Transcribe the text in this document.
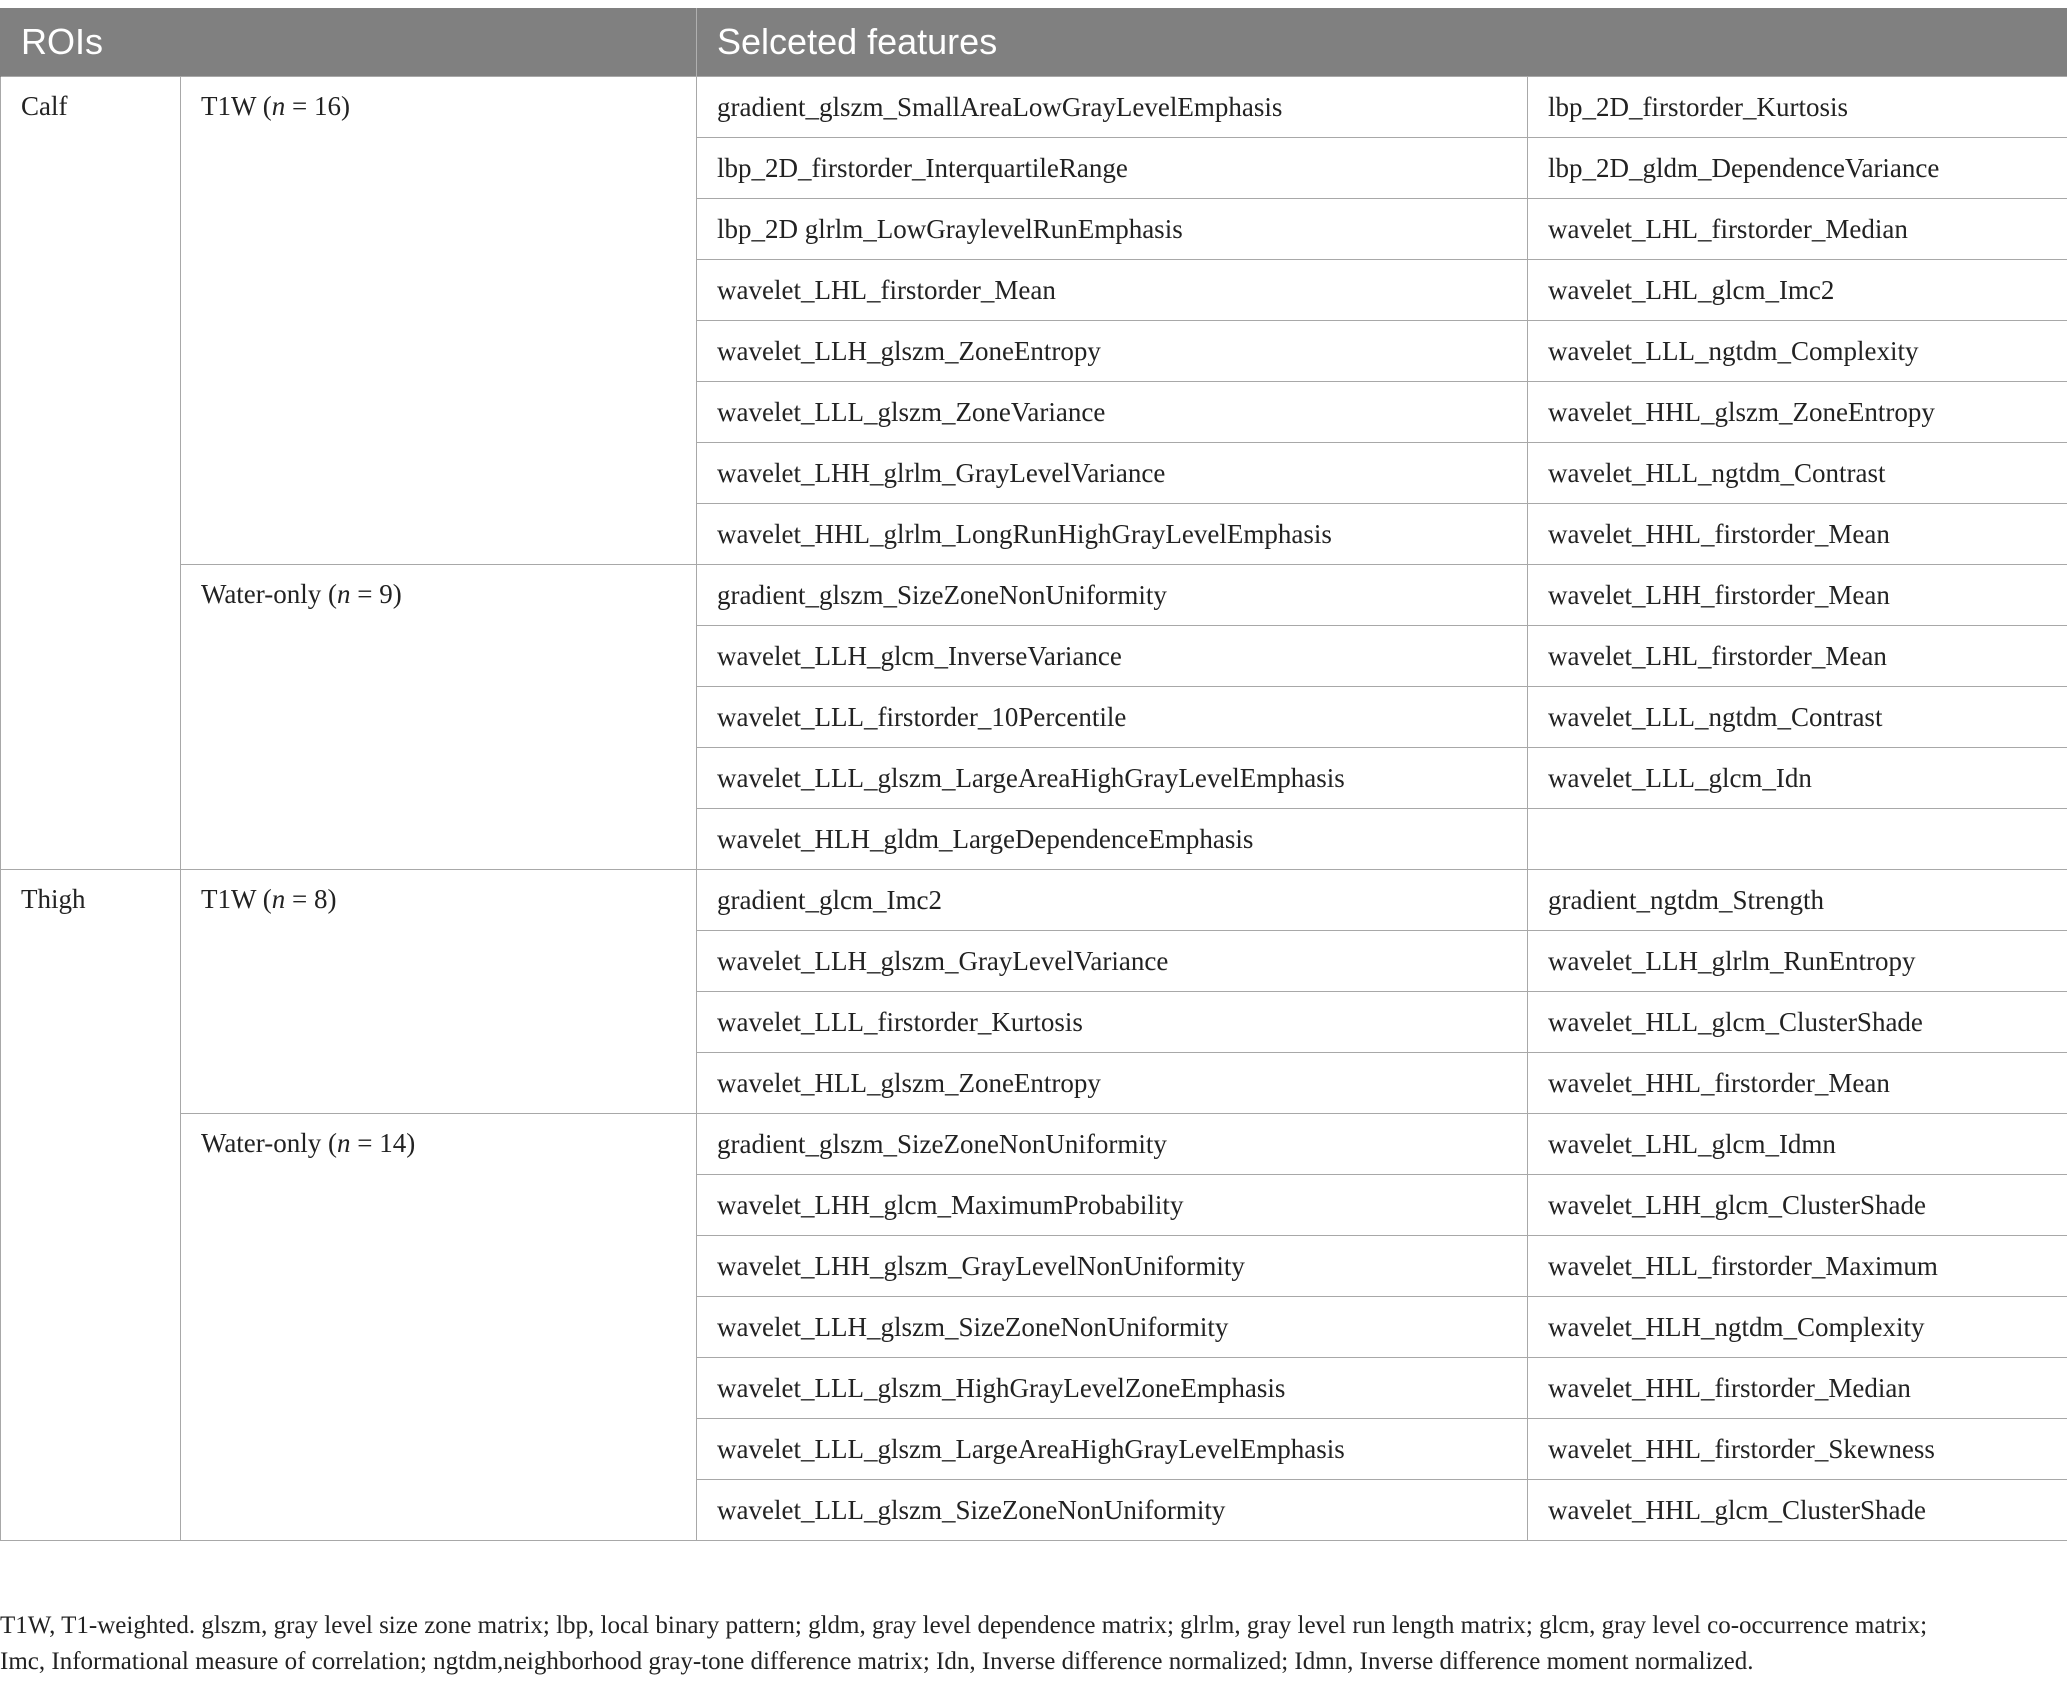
ROIs		Selceted features	
Calf	T1W (n = 16)	gradient_glszm_SmallAreaLowGrayLevelEmphasis	lbp_2D_firstorder_Kurtosis
		lbp_2D_firstorder_InterquartileRange	lbp_2D_gldm_DependenceVariance
		lbp_2D glrlm_LowGraylevelRunEmphasis	wavelet_LHL_firstorder_Median
		wavelet_LHL_firstorder_Mean	wavelet_LHL_glcm_Imc2
		wavelet_LLH_glszm_ZoneEntropy	wavelet_LLL_ngtdm_Complexity
		wavelet_LLL_glszm_ZoneVariance	wavelet_HHL_glszm_ZoneEntropy
		wavelet_LHH_glrlm_GrayLevelVariance	wavelet_HLL_ngtdm_Contrast
		wavelet_HHL_glrlm_LongRunHighGrayLevelEmphasis	wavelet_HHL_firstorder_Mean
	Water-only (n = 9)	gradient_glszm_SizeZoneNonUniformity	wavelet_LHH_firstorder_Mean
		wavelet_LLH_glcm_InverseVariance	wavelet_LHL_firstorder_Mean
		wavelet_LLL_firstorder_10Percentile	wavelet_LLL_ngtdm_Contrast
		wavelet_LLL_glszm_LargeAreaHighGrayLevelEmphasis	wavelet_LLL_glcm_Idn
		wavelet_HLH_gldm_LargeDependenceEmphasis	
Thigh	T1W (n = 8)	gradient_glcm_Imc2	gradient_ngtdm_Strength
		wavelet_LLH_glszm_GrayLevelVariance	wavelet_LLH_glrlm_RunEntropy
		wavelet_LLL_firstorder_Kurtosis	wavelet_HLL_glcm_ClusterShade
		wavelet_HLL_glszm_ZoneEntropy	wavelet_HHL_firstorder_Mean
	Water-only (n = 14)	gradient_glszm_SizeZoneNonUniformity	wavelet_LHL_glcm_Idmn
		wavelet_LHH_glcm_MaximumProbability	wavelet_LHH_glcm_ClusterShade
		wavelet_LHH_glszm_GrayLevelNonUniformity	wavelet_HLL_firstorder_Maximum
		wavelet_LLH_glszm_SizeZoneNonUniformity	wavelet_HLH_ngtdm_Complexity
		wavelet_LLL_glszm_HighGrayLevelZoneEmphasis	wavelet_HHL_firstorder_Median
		wavelet_LLL_glszm_LargeAreaHighGrayLevelEmphasis	wavelet_HHL_firstorder_Skewness
		wavelet_LLL_glszm_SizeZoneNonUniformity	wavelet_HHL_glcm_ClusterShade
T1W, T1-weighted. glszm, gray level size zone matrix; lbp, local binary pattern; gldm, gray level dependence matrix; glrlm, gray level run length matrix; glcm, gray level co-occurrence matrix;
Imc, Informational measure of correlation; ngtdm,neighborhood gray-tone difference matrix; Idn, Inverse difference normalized; Idmn, Inverse difference moment normalized.
